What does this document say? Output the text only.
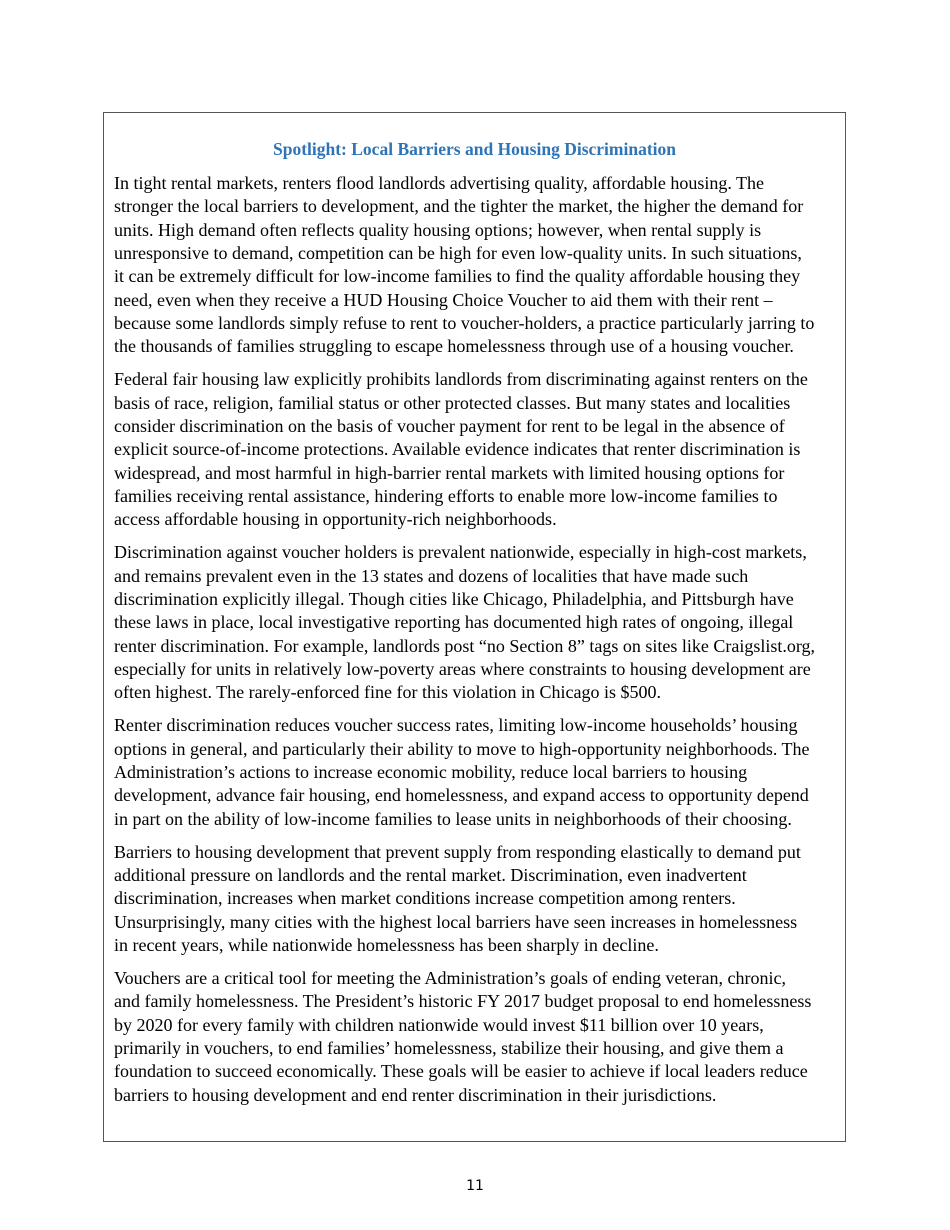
Spotlight: Local Barriers and Housing Discrimination

In tight rental markets, renters flood landlords advertising quality, affordable housing. The
stronger the local barriers to development, and the tighter the market, the higher the demand for
units. High demand often reflects quality housing options; however, when rental supply is
unresponsive to demand, competition can be high for even low-quality units. In such situations,
it can be extremely difficult for low-income families to find the quality affordable housing they
need, even when they receive a HUD Housing Choice Voucher to aid them with their rent –
because some landlords simply refuse to rent to voucher-holders, a practice particularly jarring to
the thousands of families struggling to escape homelessness through use of a housing voucher.

Federal fair housing law explicitly prohibits landlords from discriminating against renters on the
basis of race, religion, familial status or other protected classes. But many states and localities
consider discrimination on the basis of voucher payment for rent to be legal in the absence of
explicit source-of-income protections. Available evidence indicates that renter discrimination is
widespread, and most harmful in high-barrier rental markets with limited housing options for
families receiving rental assistance, hindering efforts to enable more low-income families to
access affordable housing in opportunity-rich neighborhoods.

Discrimination against voucher holders is prevalent nationwide, especially in high-cost markets,
and remains prevalent even in the 13 states and dozens of localities that have made such
discrimination explicitly illegal. Though cities like Chicago, Philadelphia, and Pittsburgh have
these laws in place, local investigative reporting has documented high rates of ongoing, illegal
renter discrimination. For example, landlords post “no Section 8” tags on sites like Craigslist.org,
especially for units in relatively low-poverty areas where constraints to housing development are
often highest. The rarely-enforced fine for this violation in Chicago is $500.

Renter discrimination reduces voucher success rates, limiting low-income households’ housing
options in general, and particularly their ability to move to high-opportunity neighborhoods. The
Administration’s actions to increase economic mobility, reduce local barriers to housing
development, advance fair housing, end homelessness, and expand access to opportunity depend
in part on the ability of low-income families to lease units in neighborhoods of their choosing.

Barriers to housing development that prevent supply from responding elastically to demand put
additional pressure on landlords and the rental market. Discrimination, even inadvertent
discrimination, increases when market conditions increase competition among renters.
Unsurprisingly, many cities with the highest local barriers have seen increases in homelessness
in recent years, while nationwide homelessness has been sharply in decline.

Vouchers are a critical tool for meeting the Administration’s goals of ending veteran, chronic,
and family homelessness. The President’s historic FY 2017 budget proposal to end homelessness
by 2020 for every family with children nationwide would invest $11 billion over 10 years,
primarily in vouchers, to end families’ homelessness, stabilize their housing, and give them a
foundation to succeed economically. These goals will be easier to achieve if local leaders reduce
barriers to housing development and end renter discrimination in their jurisdictions.

11
